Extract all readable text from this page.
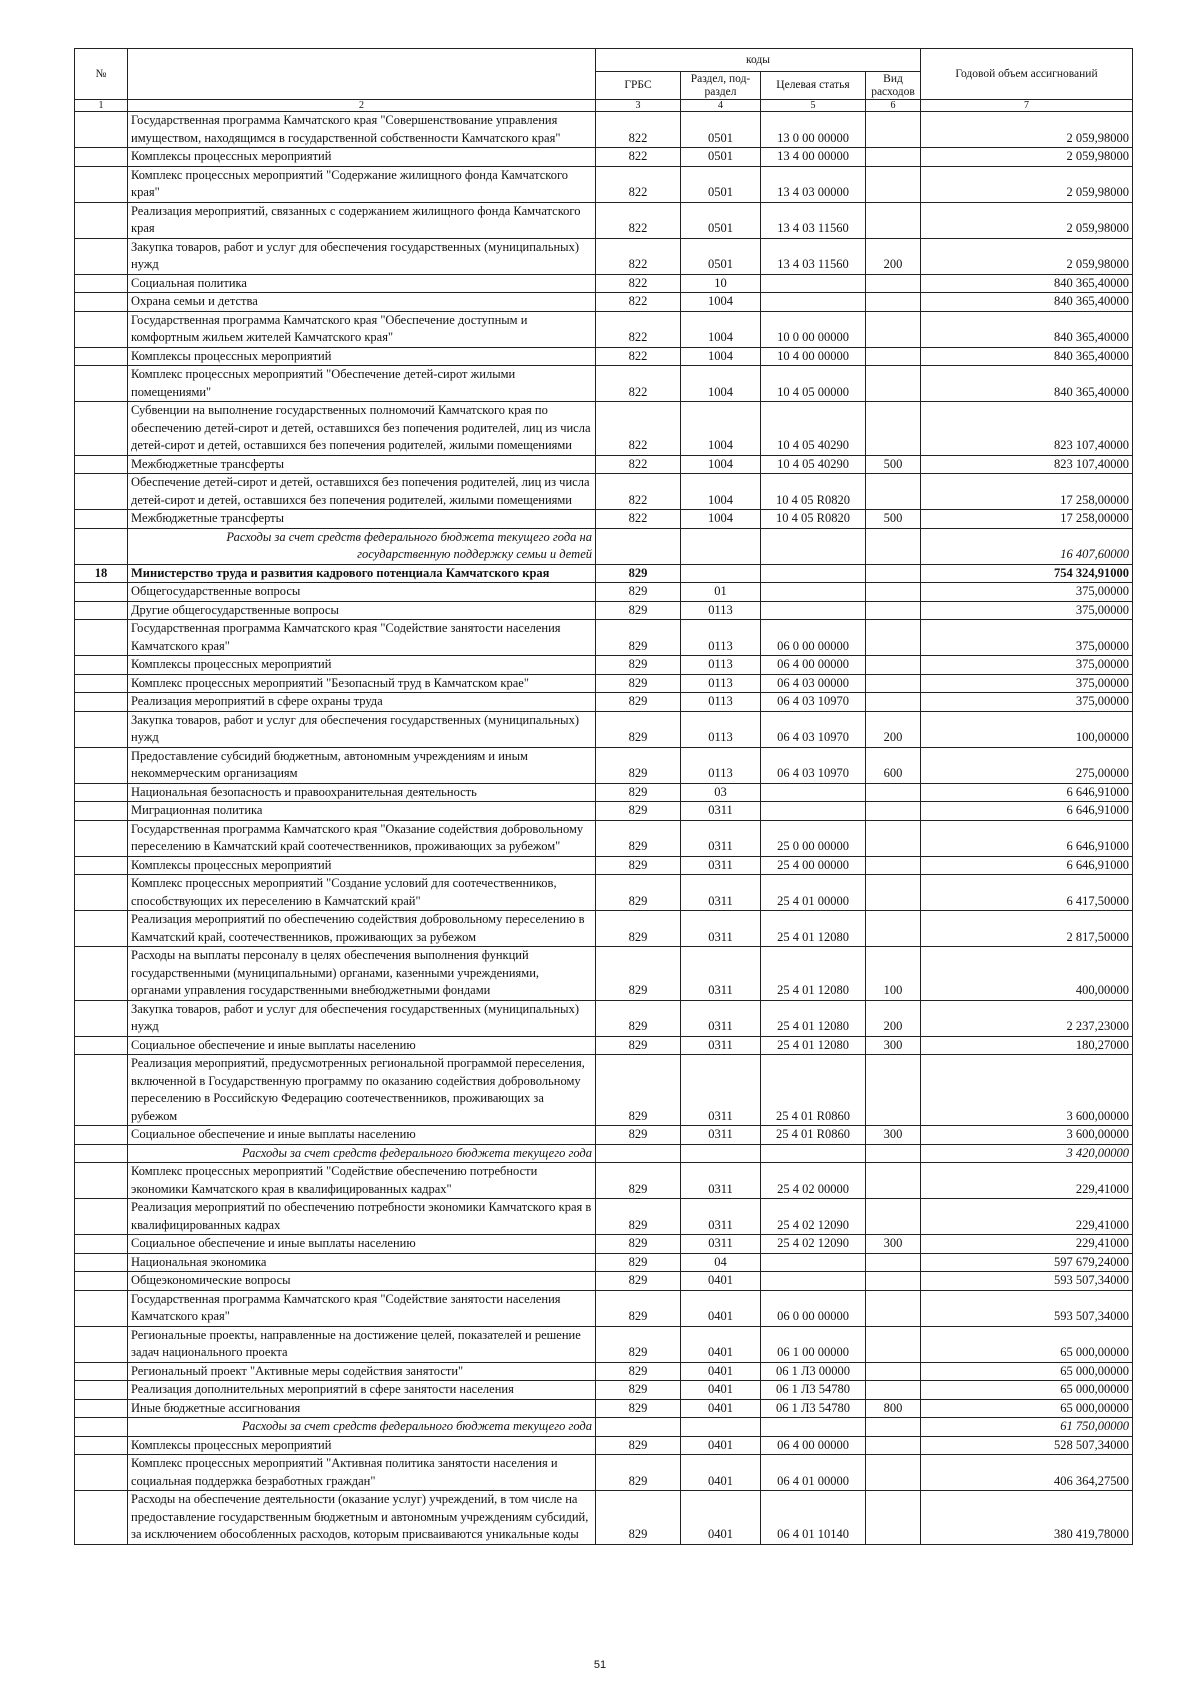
№		коды				Годовой объем ассигнований
		ГРБС	Раздел, под-раздел	Целевая статья	Вид расходов	
1	2	3	4	5	6	7
	Государственная программа Камчатского края "Совершенствование управления имуществом, находящимся в государственной собственности Камчатского края"	822	0501	13 0 00 00000		2 059,98000
	Комплексы процессных мероприятий	822	0501	13 4 00 00000		2 059,98000
	Комплекс процессных мероприятий "Содержание жилищного фонда Камчатского края"	822	0501	13 4 03 00000		2 059,98000
	Реализация мероприятий, связанных с содержанием жилищного фонда Камчатского края	822	0501	13 4 03 11560		2 059,98000
	Закупка товаров, работ и услуг для обеспечения государственных (муниципальных) нужд	822	0501	13 4 03 11560	200	2 059,98000
	Социальная политика	822	10			840 365,40000
	Охрана семьи и детства	822	1004			840 365,40000
	Государственная программа Камчатского края "Обеспечение доступным и комфортным жильем жителей Камчатского края"	822	1004	10 0 00 00000		840 365,40000
	Комплексы процессных мероприятий	822	1004	10 4 00 00000		840 365,40000
	Комплекс процессных мероприятий "Обеспечение детей-сирот жилыми помещениями"	822	1004	10 4 05 00000		840 365,40000
	Субвенции на выполнение государственных полномочий Камчатского края по обеспечению детей-сирот и детей, оставшихся без попечения родителей, лиц из числа детей-сирот и детей, оставшихся без попечения родителей, жилыми помещениями	822	1004	10 4 05 40290		823 107,40000
	Межбюджетные трансферты	822	1004	10 4 05 40290	500	823 107,40000
	Обеспечение детей-сирот и детей, оставшихся без попечения родителей, лиц из числа детей-сирот и детей, оставшихся без попечения родителей, жилыми помещениями	822	1004	10 4 05 R0820		17 258,00000
	Межбюджетные трансферты	822	1004	10 4 05 R0820	500	17 258,00000
	Расходы за счет средств федерального бюджета текущего года на государственную поддержку семьи и детей					16 407,60000
18	Министерство труда и развития кадрового потенциала Камчатского края	829				754 324,91000
	Общегосударственные вопросы	829	01			375,00000
	Другие общегосударственные вопросы	829	0113			375,00000
	Государственная программа Камчатского края "Содействие занятости населения Камчатского края"	829	0113	06 0 00 00000		375,00000
	Комплексы процессных мероприятий	829	0113	06 4 00 00000		375,00000
	Комплекс процессных мероприятий "Безопасный труд в Камчатском крае"	829	0113	06 4 03 00000		375,00000
	Реализация мероприятий в сфере охраны труда	829	0113	06 4 03 10970		375,00000
	Закупка товаров, работ и услуг для обеспечения государственных (муниципальных) нужд	829	0113	06 4 03 10970	200	100,00000
	Предоставление субсидий бюджетным, автономным учреждениям и иным некоммерческим организациям	829	0113	06 4 03 10970	600	275,00000
	Национальная безопасность и правоохранительная деятельность	829	03			6 646,91000
	Миграционная политика	829	0311			6 646,91000
	Государственная программа Камчатского края "Оказание содействия добровольному переселению в Камчатский край соотечественников, проживающих за рубежом"	829	0311	25 0 00 00000		6 646,91000
	Комплексы процессных мероприятий	829	0311	25 4 00 00000		6 646,91000
	Комплекс процессных мероприятий "Создание условий для соотечественников, способствующих их переселению в Камчатский край"	829	0311	25 4 01 00000		6 417,50000
	Реализация мероприятий по обеспечению содействия добровольному переселению в Камчатский край, соотечественников, проживающих за рубежом	829	0311	25 4 01 12080		2 817,50000
	Расходы на выплаты персоналу в целях обеспечения выполнения функций государственными (муниципальными) органами, казенными учреждениями, органами управления государственными внебюджетными фондами	829	0311	25 4 01 12080	100	400,00000
	Закупка товаров, работ и услуг для обеспечения государственных (муниципальных) нужд	829	0311	25 4 01 12080	200	2 237,23000
	Социальное обеспечение и иные выплаты населению	829	0311	25 4 01 12080	300	180,27000
	Реализация мероприятий, предусмотренных региональной программой переселения, включенной в Государственную программу по оказанию содействия добровольному переселению в Российскую Федерацию соотечественников, проживающих за рубежом	829	0311	25 4 01 R0860		3 600,00000
	Социальное обеспечение и иные выплаты населению	829	0311	25 4 01 R0860	300	3 600,00000
	Расходы за счет средств федерального бюджета текущего года					3 420,00000
	Комплекс процессных мероприятий "Содействие обеспечению потребности экономики Камчатского края в квалифицированных кадрах"	829	0311	25 4 02 00000		229,41000
	Реализация мероприятий по обеспечению потребности экономики Камчатского края в квалифицированных кадрах	829	0311	25 4 02 12090		229,41000
	Социальное обеспечение и иные выплаты населению	829	0311	25 4 02 12090	300	229,41000
	Национальная экономика	829	04			597 679,24000
	Общеэкономические вопросы	829	0401			593 507,34000
	Государственная программа Камчатского края "Содействие занятости населения Камчатского края"	829	0401	06 0 00 00000		593 507,34000
	Региональные проекты, направленные на достижение целей, показателей и решение задач национального проекта	829	0401	06 1 00 00000		65 000,00000
	Региональный проект "Активные меры содействия занятости"	829	0401	06 1 Л3 00000		65 000,00000
	Реализация дополнительных мероприятий в сфере занятости населения	829	0401	06 1 Л3 54780		65 000,00000
	Иные бюджетные ассигнования	829	0401	06 1 Л3 54780	800	65 000,00000
	Расходы за счет средств федерального бюджета текущего года					61 750,00000
	Комплексы процессных мероприятий	829	0401	06 4 00 00000		528 507,34000
	Комплекс процессных мероприятий "Активная политика занятости населения и социальная поддержка безработных граждан"	829	0401	06 4 01 00000		406 364,27500
	Расходы на обеспечение деятельности (оказание услуг) учреждений, в том числе на предоставление государственным бюджетным и автономным учреждениям субсидий, за исключением обособленных расходов, которым присваиваются уникальные коды	829	0401	06 4 01 10140		380 419,78000
51
